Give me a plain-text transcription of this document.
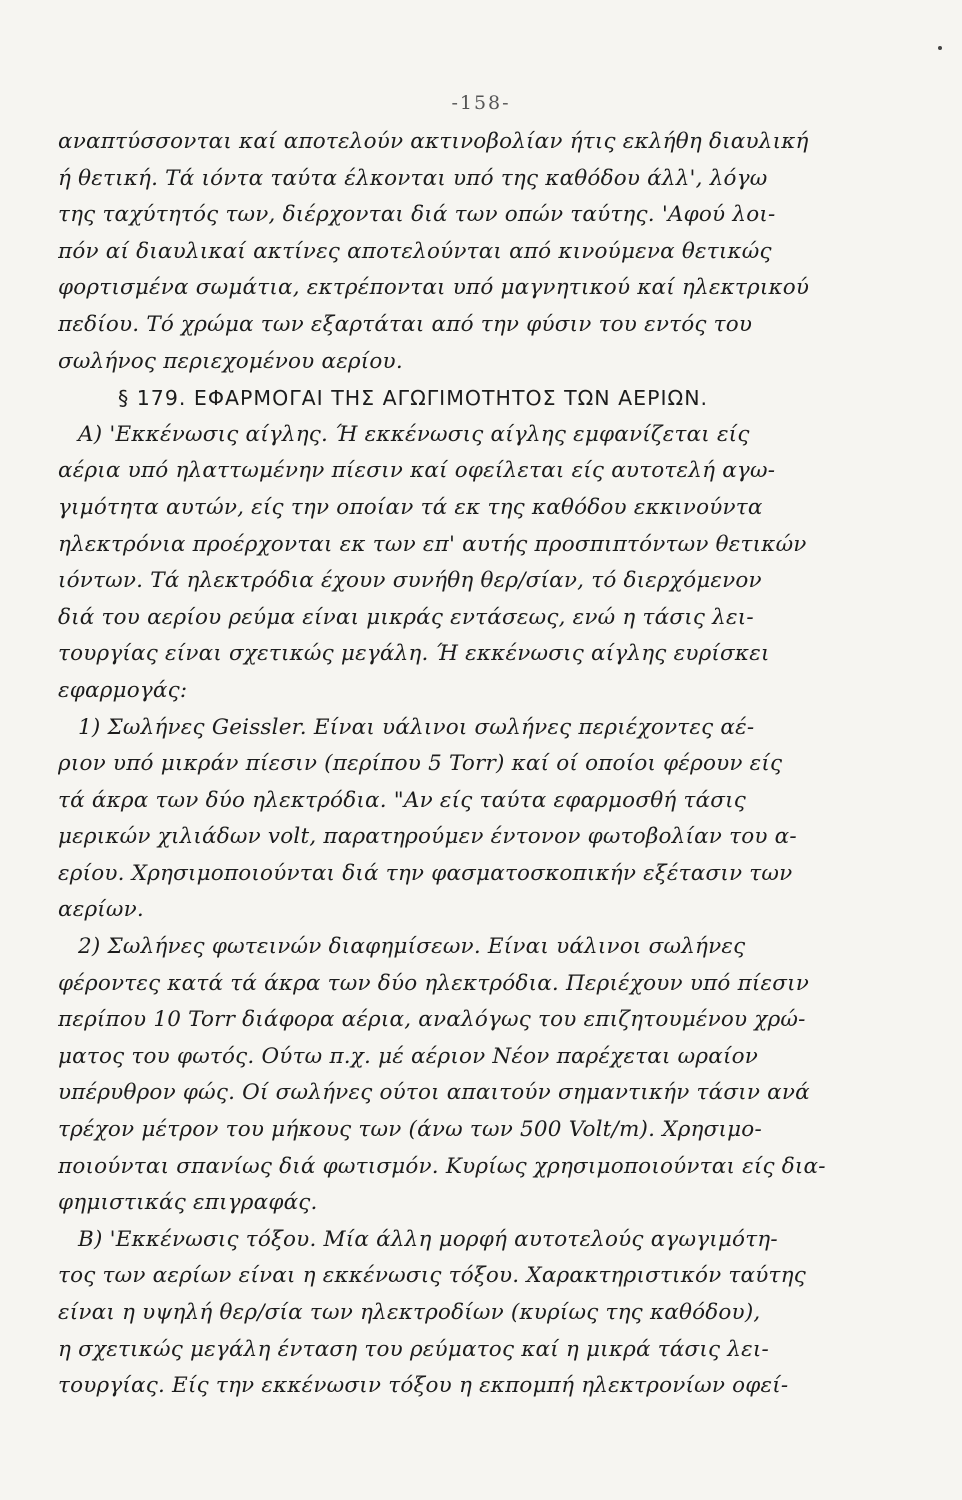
-158-
αναπτύσσονται καί αποτελούν ακτινοβολίαν ήτις εκλήθη διαυλική
ή θετική. Τά ιόντα ταύτα έλκονται υπό της καθόδου άλλ', λόγω
της ταχύτητός των, διέρχονται διά των οπών ταύτης. 'Αφού λοι-
πόν αί διαυλικαί ακτίνες αποτελούνται από κινούμενα θετικώς
φορτισμένα σωμάτια, εκτρέπονται υπό μαγνητικού καί ηλεκτρικού
πεδίου. Τό χρώμα των εξαρτάται από την φύσιν του εντός του
σωλήνος περιεχομένου αερίου.
§ 179. ΕΦΑΡΜΟΓΑΙ ΤΗΣ ΑΓΩΓΙΜΟΤΗΤΟΣ ΤΩΝ ΑΕΡΙΩΝ.
Α) 'Εκκένωσις αίγλης. Ή εκκένωσις αίγλης εμφανίζεται είς
αέρια υπό ηλαττωμένην πίεσιν καί οφείλεται είς αυτοτελή αγω-
γιμότητα αυτών, είς την οποίαν τά εκ της καθόδου εκκινούντα
ηλεκτρόνια προέρχονται εκ των επ' αυτής προσπιπτόντων θετικών
ιόντων. Τά ηλεκτρόδια έχουν συνήθη θερ/σίαν, τό διερχόμενον
διά του αερίου ρεύμα είναι μικράς εντάσεως, ενώ η τάσις λει-
τουργίας είναι σχετικώς μεγάλη. Ή εκκένωσις αίγλης ευρίσκει
εφαρμογάς:
1) Σωλήνες Geissler. Είναι υάλινοι σωλήνες περιέχοντες αέ-
ριον υπό μικράν πίεσιν (περίπου 5 Torr) καί οί οποίοι φέρουν είς
τά άκρα των δύο ηλεκτρόδια. "Αν είς ταύτα εφαρμοσθή τάσις
μερικών χιλιάδων volt, παρατηρούμεν έντονον φωτοβολίαν του α-
ερίου. Χρησιμοποιούνται διά την φασματοσκοπικήν εξέτασιν των
αερίων.
2) Σωλήνες φωτεινών διαφημίσεων. Είναι υάλινοι σωλήνες
φέροντες κατά τά άκρα των δύο ηλεκτρόδια. Περιέχουν υπό πίεσιν
περίπου 10 Torr διάφορα αέρια, αναλόγως του επιζητουμένου χρώ-
ματος του φωτός. Ούτω π.χ. μέ αέριον Νέον παρέχεται ωραίον
υπέρυθρον φώς. Οί σωλήνες ούτοι απαιτούν σημαντικήν τάσιν ανά
τρέχον μέτρον του μήκους των (άνω των 500 Volt/m). Χρησιμο-
ποιούνται σπανίως διά φωτισμόν. Κυρίως χρησιμοποιούνται είς δια-
φημιστικάς επιγραφάς.
Β) 'Εκκένωσις τόξου. Μία άλλη μορφή αυτοτελούς αγωγιμότη-
τος των αερίων είναι η εκκένωσις τόξου. Χαρακτηριστικόν ταύτης
είναι η υψηλή θερ/σία των ηλεκτροδίων (κυρίως της καθόδου),
η σχετικώς μεγάλη ένταση του ρεύματος καί η μικρά τάσις λει-
τουργίας. Είς την εκκένωσιν τόξου η εκπομπή ηλεκτρονίων οφεί-
